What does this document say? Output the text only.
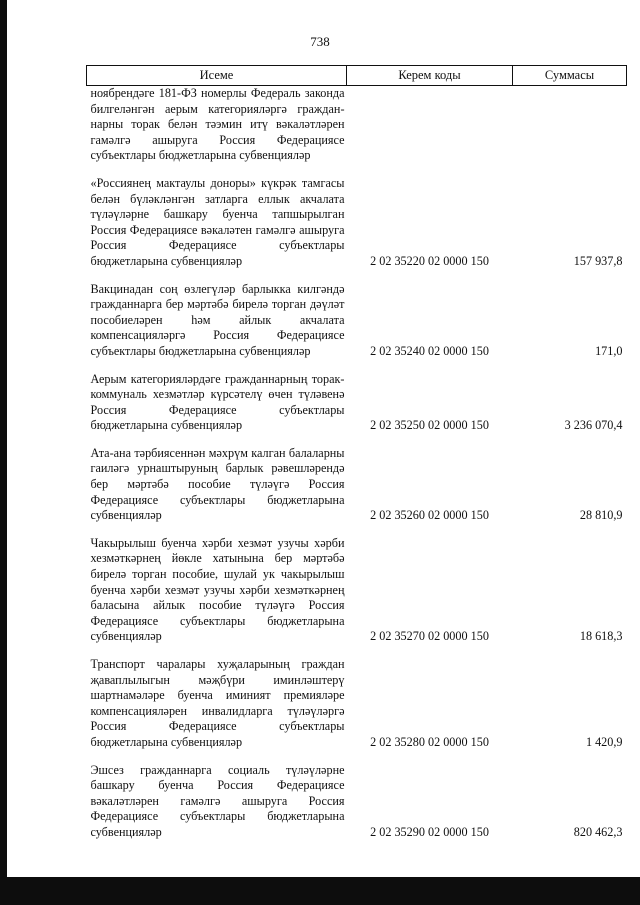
738
Исеме	Керем коды	Суммасы
ноябрендәге 181-ФЗ номерлы Федераль законда билгеләнгән аерым категорияләргә гражданнарны торак белән тәэмин итү вәкаләтләрен гамәлгә ашыруга Россия Федерациясе субъектлары бюджетларына субвенцияләр		

«Россиянең мактаулы доноры» күкрәк тамгасы белән бүләкләнгән затларга еллык акчалата түләүләрне башкару буенча тапшырылган Россия Федерациясе вәкаләтен гамәлгә ашыруга Россия Федерациясе субъектлары бюджетларына субвенцияләр	2 02 35220 02 0000 150	157 937,8

Вакцинадан соң өзлегүләр барлыкка килгәндә гражданнарга бер мәртәбә бирелә торган дәүләт пособиеләрен һәм айлык акчалата компенсацияләргә Россия Федерациясе субъектлары бюджетларына субвенцияләр	2 02 35240 02 0000 150	171,0

Аерым категорияләрдәге гражданнарның торак-коммуналь хезмәтләр күрсәтелү өчен түләвенә Россия Федерациясе субъектлары бюджетларына субвенцияләр	2 02 35250 02 0000 150	3 236 070,4

Ата-ана тәрбиясеннән мәхрүм калган балаларны гаиләгә урнаштыруның барлык рәвешләрендә бер мәртәбә пособие түләүгә Россия Федерациясе субъектлары бюджетларына субвенцияләр	2 02 35260 02 0000 150	28 810,9

Чакырылыш буенча хәрби хезмәт узучы хәрби хезмәткәрнең йөкле хатынына бер мәртәбә бирелә торган пособие, шулай ук чакырылыш буенча хәрби хезмәт узучы хәрби хезмәткәрнең баласына айлык пособие түләүгә Россия Федерациясе субъектлары бюджетларына субвенцияләр	2 02 35270 02 0000 150	18 618,3

Транспорт чаралары хуҗаларының граждан җаваплылыгын мәҗбүри иминләштерү шартнамәләре буенча иминият премияләре компенсацияләрен инвалидларга түләүләргә Россия Федерациясе субъектлары бюджетларына субвенцияләр	2 02 35280 02 0000 150	1 420,9

Эшсез гражданнарга социаль түләүләрне башкару буенча Россия Федерациясе вәкаләтләрен гамәлгә ашыруга Россия Федерациясе субъектлары бюджетларына субвенцияләр	2 02 35290 02 0000 150	820 462,3
